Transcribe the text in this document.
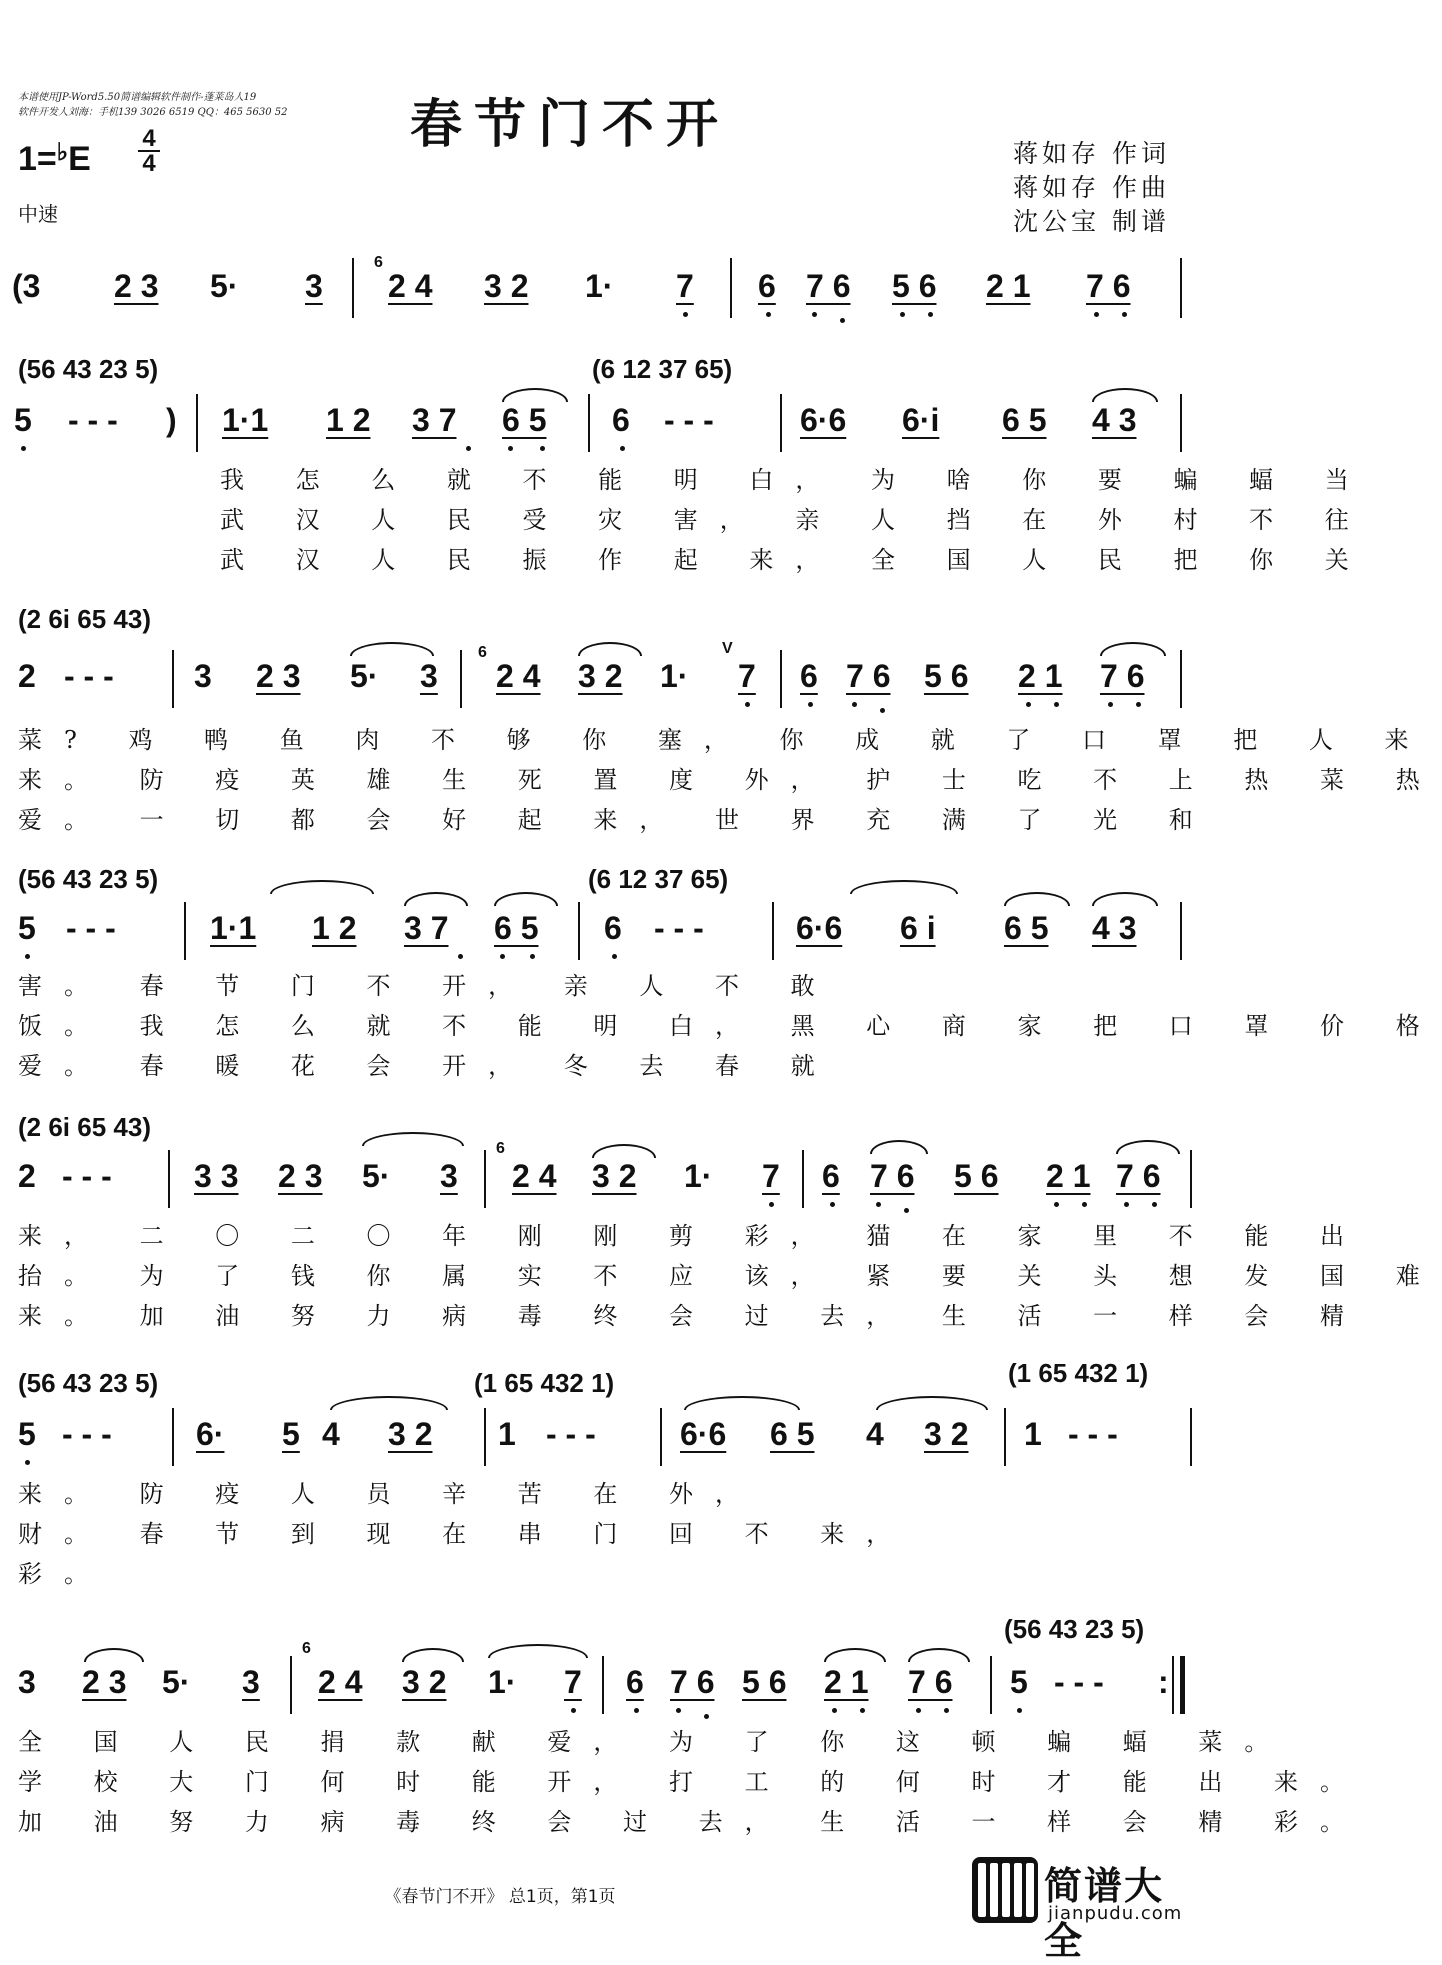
本谱使用JP-Word5.50简谱编辑软件制作-蓬莱岛人19
软件开发人刘海：手机139 3026 6519 QQ：465 5630 52 春节门不开
1=♭E
4
4
中速
蒋如存 作词
蒋如存 作曲
沈公宝 制谱
(3 2 3 5· 3
6
2 4 3 2 1· 7 6 7 6 5 6 2 1 7 6
(56 43 23 5)	(6 12 37 65)
5 - - - ) 1·1 1 2 3 7 6 5 6 - - -	6·6 6·i 6 5 4 3
我 怎 么 就 不 能 明 白， 为 啥 你 要 蝙 蝠 当
武 汉 人 民 受 灾 害， 亲 人 挡 在 外 村 不 往
武 汉 人 民 振 作 起 来， 全 国 人 民 把 你 关
(2 6i 65 43)
2 - - -	3 2 3 5· 3
6
2 4 3 2 1·
V
7 6 7 6 5 6 2 1 7 6
菜? 鸡 鸭 鱼 肉 不 够 你 塞， 你 成 就 了 口 罩 把 人 来
来。 防 疫 英 雄 生 死 置 度 外， 护 士 吃 不 上 热 菜 热
爱。 一 切 都 会 好 起 来， 世 界 充 满 了 光 和
(56 43 23 5)	(6 12 37 65)
5 - - -	1·1 1 2 3 7 6 5 6 - - -	6·6 6 i 6 5 4 3
害。 春 节 门 不 开， 亲 人 不 敢
饭。 我 怎 么 就 不 能 明 白， 黑 心 商 家 把 口 罩 价 格
爱。 春 暖 花 会 开， 冬 去 春 就
(2 6i 65 43)
2 - - -	3 3 2 3 5· 3
6
2 4 3 2 1· 7 6 7 6 5 6 2 1 7 6
来， 二 〇 二 〇 年 刚 刚 剪 彩， 猫 在 家 里 不 能 出
抬。 为 了 钱 你 属 实 不 应 该， 紧 要 关 头 想 发 国 难
来。 加 油 努 力 病 毒 终 会 过 去， 生 活 一 样 会 精
(56 43 23 5)	(1 65 432 1)	(1 65 432 1)
5 - - -	6· 5 4 3 2 1 - - -	6·6 6 5 4 3 2 1 - - -
来。 防 疫 人 员 辛 苦 在 外，
财。 春 节 到 现 在 串 门 回 不 来，
彩。
(56 43 23 5)
3 2 3 5· 3
6
2 4 3 2 1· 7 6 7 6 5 6 2 1 7 6 5 - - - :
全 国 人 民 捐 款 献 爱， 为 了 你 这 顿 蝙 蝠 菜。
学 校 大 门 何 时 能 开， 打 工 的 何 时 才 能 出 来。
加 油 努 力 病 毒 终 会 过 去， 生 活 一 样 会 精 彩。
《春节门不开》 总1页，第1页	简谱大全
jianpudu.com
